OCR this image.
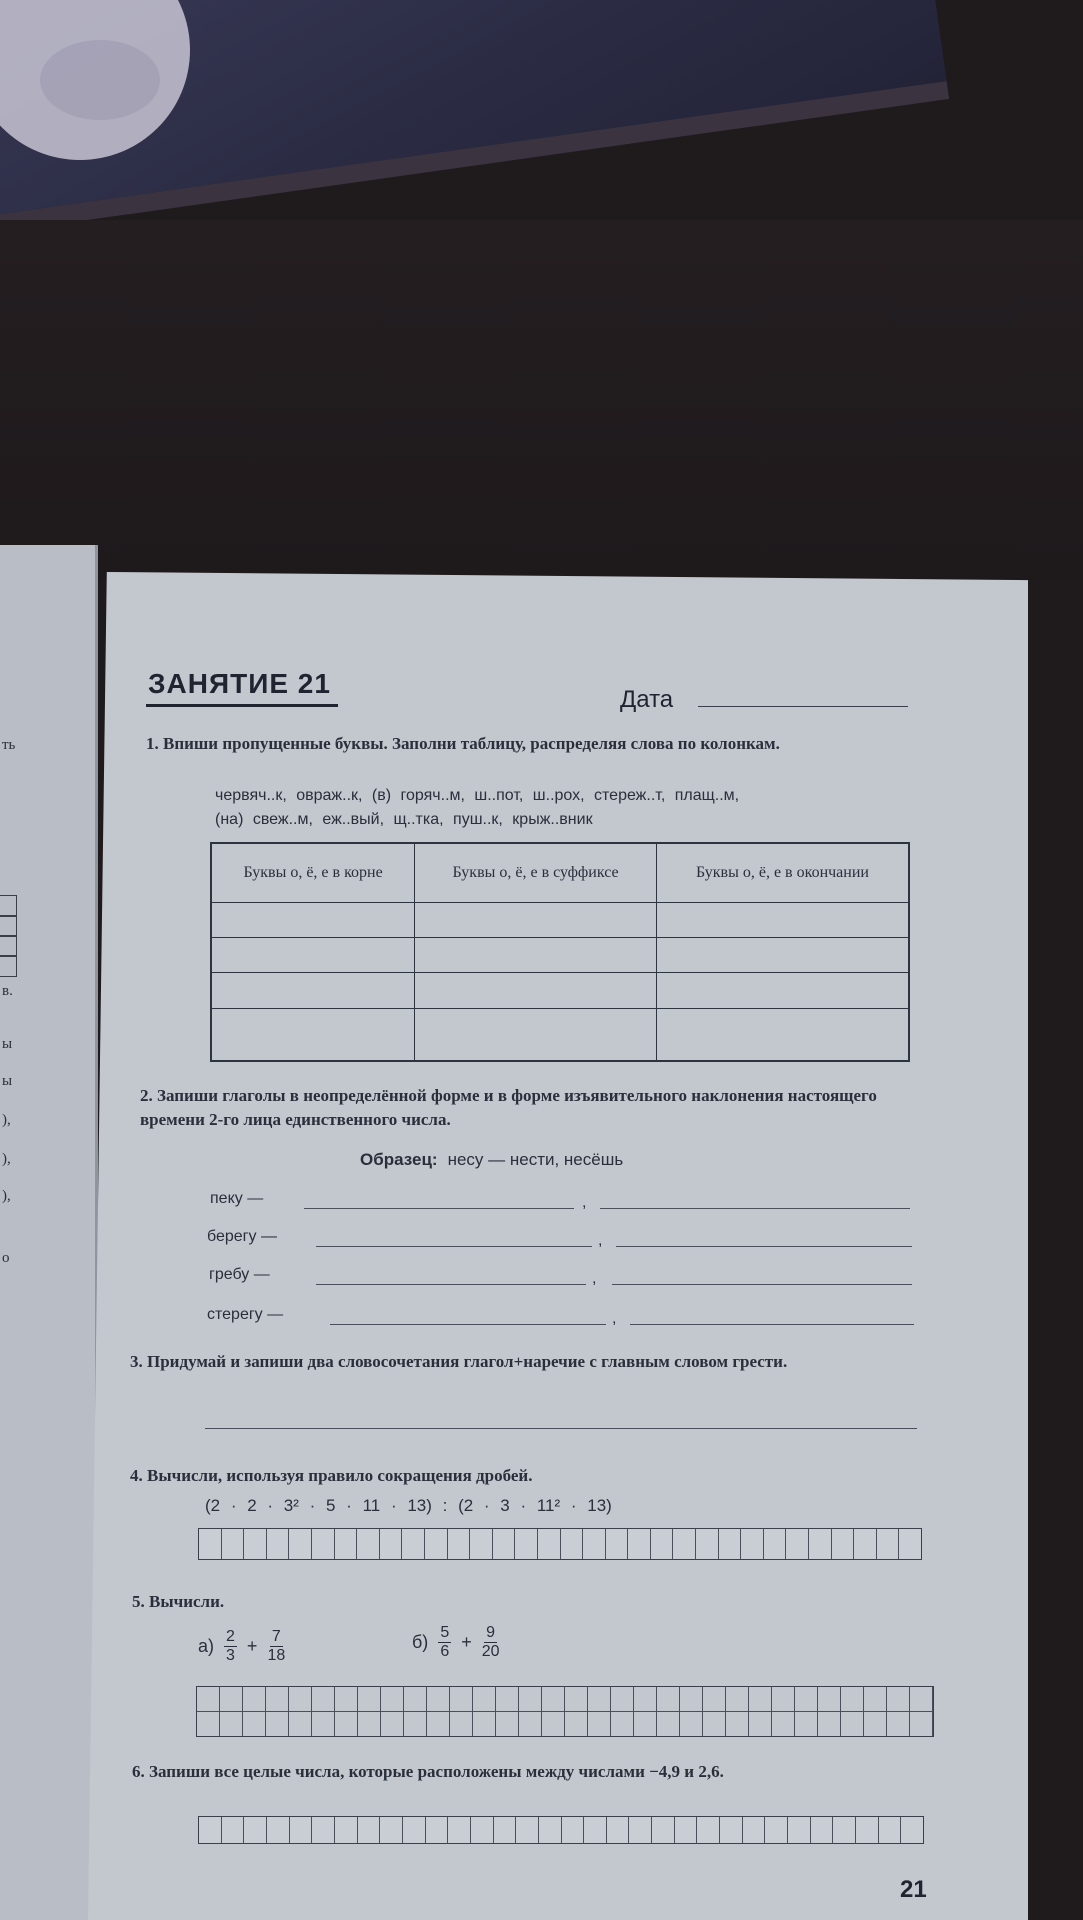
ть
в.
ы
ы
),
),
),
о
ЗАНЯТИЕ 21
Дата
1. Впиши пропущенные буквы. Заполни таблицу, распределяя слова по колонкам.
червяч..к, овраж..к, (в) горяч..м, ш..пот, ш..рох, стереж..т, плащ..м,
(на) свеж..м, еж..вый, щ..тка, пуш..к, крыж..вник
Буквы о, ё, е в корне	Буквы о, ё, е в суффиксе	Буквы о, ё, е в окончании

2. Запиши глаголы в неопределённой форме и в форме изъявительного наклонения настоящего времени 2-го лица единственного числа.
Образец: несу — нести, несёшь
пеку —	,
берегу —	,
гребу —	,
стерегу —	,
3. Придумай и запиши два словосочетания глагол+наречие с главным словом грести.
4. Вычисли, используя правило сокращения дробей.
(2 · 2 · 3² · 5 · 11 · 13) : (2 · 3 · 11² · 13)
5. Вычисли.
$а) \frac{2}{3} + \frac{7}{18}$	$б) \frac{5}{6} + \frac{9}{20}$
6. Запиши все целые числа, которые расположены между числами −4,9 и 2,6.
21
